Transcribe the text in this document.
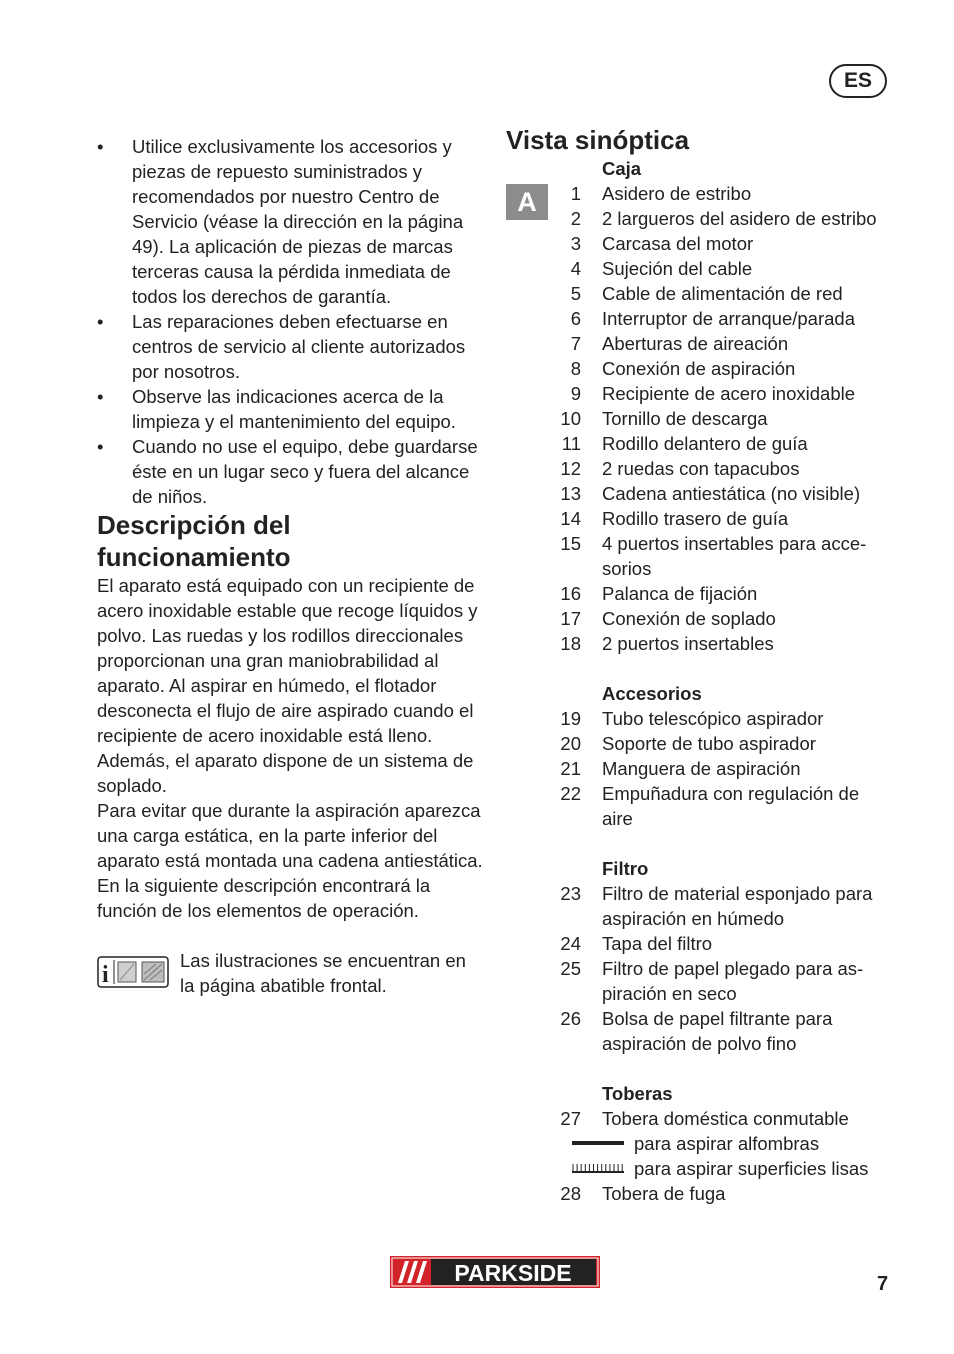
ES
• Utilice exclusivamente los accesorios y piezas de repuesto suministrados y recomendados por nuestro Centro de Servicio (véase la dirección en la página 49). La aplicación de piezas de marcas terceras causa la pérdida inmediata de todos los derechos de garantía.
• Las reparaciones deben efectuarse en centros de servicio al cliente autorizados por nosotros.
• Observe las indicaciones acerca de la limpieza y el mantenimiento del equipo.
• Cuando no use el equipo, debe guardarse éste en un lugar seco y fuera del alcance de niños.
Descripción del
funcionamiento

El aparato está equipado con un recipiente de acero inoxidable estable que recoge líquidos y polvo. Las ruedas y los rodillos direccionales proporcionan una gran maniobrabilidad al aparato. Al aspirar en húmedo, el flotador desconecta el flujo de aire aspirado cuando el recipiente de acero inoxidable está lleno. Además, el aparato dispone de un sistema de soplado.

Para evitar que durante la aspiración aparezca una carga estática, en la parte inferior del aparato está montada una cadena antiestática.

En la siguiente descripción encontrará la función de los elementos de operación.

i
Las ilustraciones se encuentran en la página abatible frontal.
Vista sinóptica
A
Caja
1 Asidero de estribo
2 2 largueros del asidero de estribo
3 Carcasa del motor
4 Sujeción del cable
5 Cable de alimentación de red
6 Interruptor de arranque/parada
7 Aberturas de aireación
8 Conexión de aspiración
9 Recipiente de acero inoxidable
10 Tornillo de descarga
11 Rodillo delantero de guía
12 2 ruedas con tapacubos
13 Cadena antiestática (no visible)
14 Rodillo trasero de guía
15 4 puertos insertables para acce-
sorios
16 Palanca de fijación
17 Conexión de soplado
18 2 puertos insertables
Accesorios
19 Tubo telescópico aspirador
20 Soporte de tubo aspirador
21 Manguera de aspiración
22 Empuñadura con regulación de
aire
Filtro
23 Filtro de material esponjado para
aspiración en húmedo
24 Tapa del filtro
25 Filtro de papel plegado para as-
piración en seco
26 Bolsa de papel filtrante para
aspiración de polvo fino
Toberas
27 Tobera doméstica conmutable
para aspirar alfombras
para aspirar superficies lisas
28 Tobera de fuga
PARKSIDE	7
